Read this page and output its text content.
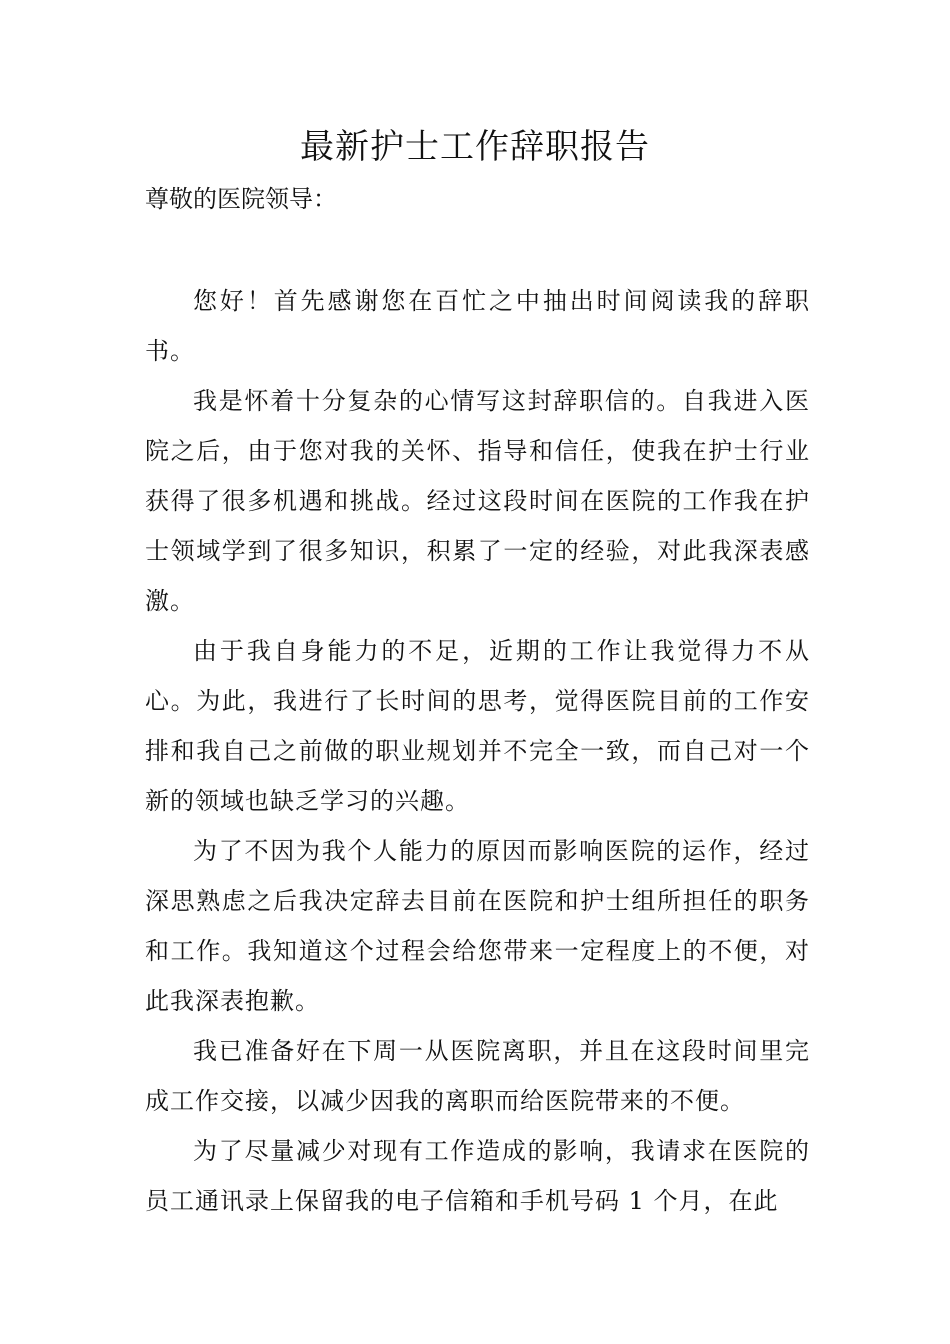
最新护士工作辞职报告

尊敬的医院领导：

您好！首先感谢您在百忙之中抽出时间阅读我的辞职书。

我是怀着十分复杂的心情写这封辞职信的。自我进入医院之后，由于您对我的关怀、指导和信任，使我在护士行业获得了很多机遇和挑战。经过这段时间在医院的工作我在护士领域学到了很多知识，积累了一定的经验，对此我深表感激。

由于我自身能力的不足，近期的工作让我觉得力不从心。为此，我进行了长时间的思考，觉得医院目前的工作安排和我自己之前做的职业规划并不完全一致，而自己对一个新的领域也缺乏学习的兴趣。

为了不因为我个人能力的原因而影响医院的运作，经过深思熟虑之后我决定辞去目前在医院和护士组所担任的职务和工作。我知道这个过程会给您带来一定程度上的不便，对此我深表抱歉。

我已准备好在下周一从医院离职，并且在这段时间里完成工作交接，以减少因我的离职而给医院带来的不便。

为了尽量减少对现有工作造成的影响，我请求在医院的员工通讯录上保留我的电子信箱和手机号码 1 个月，在此
